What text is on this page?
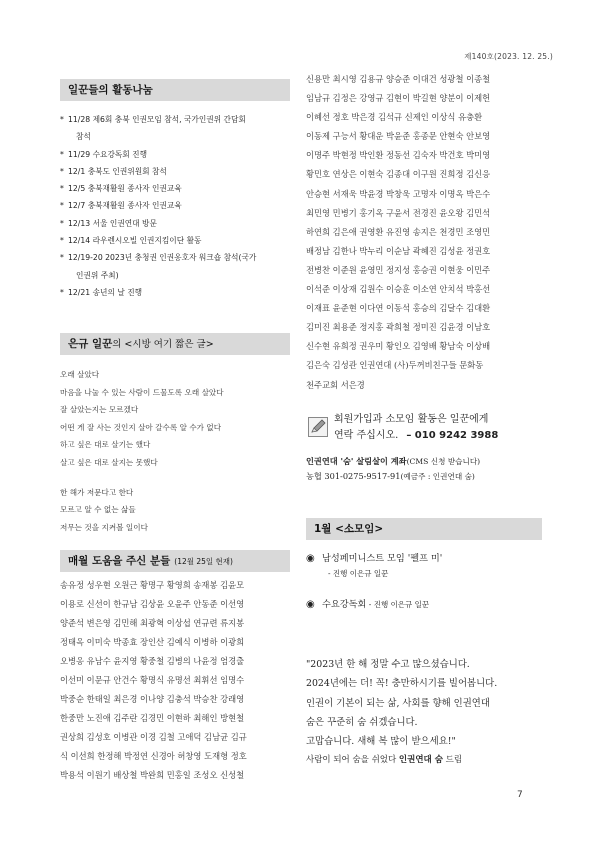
제140호(2023. 12. 25.)
일꾼들의 활동나눔
* 11/28 제6회 충북 인권모임 참석, 국가인권위 간담회
참석
* 11/29 수요강독회 진행
* 12/1 충북도 인권위원회 참석
* 12/5 충북재활원 종사자 인권교육
* 12/7 충북재활원 종사자 인권교육
* 12/13 서울 인권연대 방문
* 12/14 라우렌시오빌 인권지킴이단 활동
* 12/19-20 2023년 충청권 인권옹호자 워크숍 참석(국가
인권위 주최)
* 12/21 송년의 날 진행
은규 일꾼의 <시방 여기 짧은 글>
오래 살았다
마음을 나눌 수 있는 사람이 드물도록 오래 살았다
잘 살았는지는 모르겠다
어떤 게 잘 사는 것인지 살아 갈수록 알 수가 없다
하고 싶은 대로 살기는 했다
살고 싶은 대로 살지는 못했다
한 해가 저문다고 한다
모르고 알 수 없는 삶들
저무는 것을 지켜볼 일이다
매월 도움을 주신 분들 (12월 25일 현재)
송유정 성우현 오원근 황명구 황영희 송재봉 김윤모
이용로 신선이 한규남 김상윤 오윤주 안동준 이선영
양준석 변은영 김민해 최광혁 이상섭 연규련 류지봉
정태옥 이미숙 박종효 장인산 김예식 이병하 이광희
오병옹 유남수 윤지영 황중철 김병의 나윤정 엄경출
이선미 이문규 안건수 황명식 유명선 최휘선 임명수
박중순 한태일 최은경 이나양 김충석 박승찬 강래영
한중만 노진애 김주란 김경민 이현하 최해인 방현철
권상희 김성호 이병관 이경 김철 고애덕 김남균 김규
식 이선희 한정해 박정연 신경아 허창영 도재형 정호
박용석 이원기 배상철 박완희 민홍일 조성오 신성철
신용만 최시영 김용규 양승준 이대건 성광철 이종철
임남규 김정은 강영규 김현이 박길현 양분이 이제헌
이혜선 정호 박은경 김석규 신제인 이상식 유충환
이동제 구능서 황대운 박윤준 홍종문 안현숙 안보영
이명주 박현정 박인환 정동선 김숙자 박건호 박미영
황민호 연상은 이현숙 김종대 이구원 진희정 김신응
안승현 서재욱 박윤경 박창욱 고명자 이명옥 박은수
최민영 민병기 홍기옥 구윤서 전경진 윤오왕 김민석
하연희 김은애 권영환 유진영 송지은 천경민 조영민
배정남 김한나 박누리 이순남 곽혜진 김성윤 정권호
전병찬 이준원 윤영민 정지성 홍승권 이현웅 이민주
이석준 이상재 김원수 이승훈 이소연 안치석 박홍선
이재표 윤준현 이다연 이동석 홍승의 김달수 김대환
김미진 최용준 정지홍 곽희철 정미진 김윤경 이남호
신수현 유희정 권우미 황인오 김영배 황남숙 이상배
김은숙 김성관 인권연대 (사)두꺼비친구들 문화동
천주교회 서은경
회원가입과 소모임 활동은 일꾼에게
연락 주십시오. – 010 9242 3988
인권연대 '숨' 살림살이 계좌(CMS 신청 받습니다)
농협 301-0275-9517-91(예금주 : 인권연대 숨)
1월 <소모임>
◉ 남성페미니스트 모임 '펠프 미'
- 진행 이은규 일꾼
◉ 수요강독회 - 진행 이은규 일꾼
"2023년 한 해 정말 수고 많으셨습니다.
2024년에는 더! 꼭! 충만하시기를 빌어봅니다.
인권이 기본이 되는 삶, 사회를 향해 인권연대
숨은 꾸준히 숨 쉬겠습니다.
고맙습니다. 새해 복 많이 받으세요!"
사람이 되어 숨을 쉬었다 인권연대 숨 드림
7
